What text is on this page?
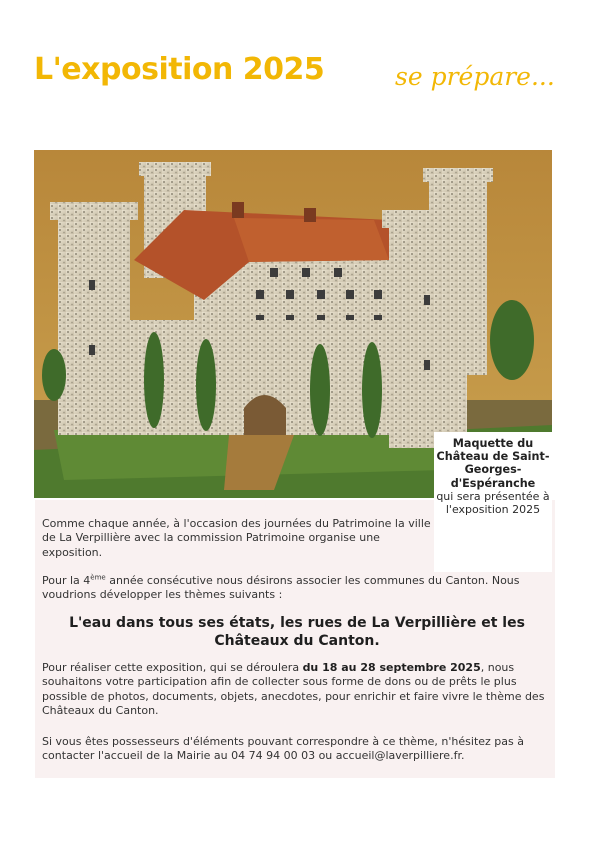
L'exposition 2025	se prépare...
Maquette du Château de Saint-Georges-d'Espéranche
qui sera présentée à l'exposition 2025
Comme chaque année, à l'occasion des journées du Patrimoine la ville de La Verpillière avec la commission Patrimoine organise une exposition.
Pour la 4ème année consécutive nous désirons associer les communes du Canton. Nous voudrions développer les thèmes suivants :
L'eau dans tous ses états, les rues de La Verpillière et les Châteaux du Canton.
Pour réaliser cette exposition, qui se déroulera du 18 au 28 septembre 2025, nous souhaitons votre participation afin de collecter sous forme de dons ou de prêts le plus possible de photos, documents, objets, anecdotes, pour enrichir et faire vivre le thème des Châteaux du Canton.
Si vous êtes possesseurs d'éléments pouvant correspondre à ce thème, n'hésitez pas à contacter l'accueil de la Mairie au 04 74 94 00 03 ou accueil@laverpilliere.fr.
